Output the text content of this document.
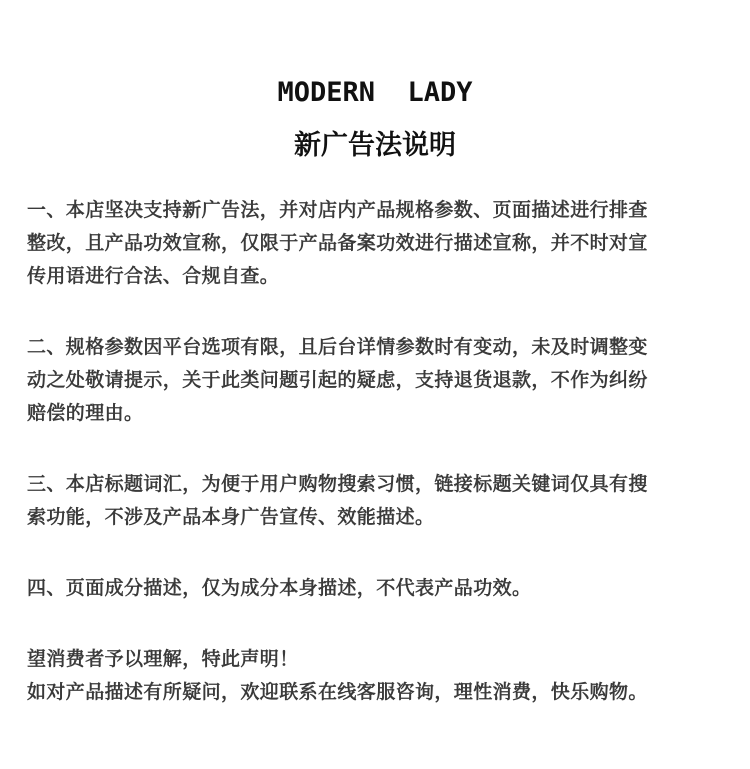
MODERN  LADY
新广告法说明
一、本店坚决支持新广告法，并对店内产品规格参数、页面描述进行排查
整改，且产品功效宣称，仅限于产品备案功效进行描述宣称，并不时对宣
传用语进行合法、合规自查。
二、规格参数因平台选项有限，且后台详情参数时有变动，未及时调整变
动之处敬请提示，关于此类问题引起的疑虑，支持退货退款，不作为纠纷
赔偿的理由。
三、本店标题词汇，为便于用户购物搜索习惯，链接标题关键词仅具有搜
索功能，不涉及产品本身广告宣传、效能描述。
四、页面成分描述，仅为成分本身描述，不代表产品功效。
望消费者予以理解，特此声明！
如对产品描述有所疑问，欢迎联系在线客服咨询，理性消费，快乐购物。
